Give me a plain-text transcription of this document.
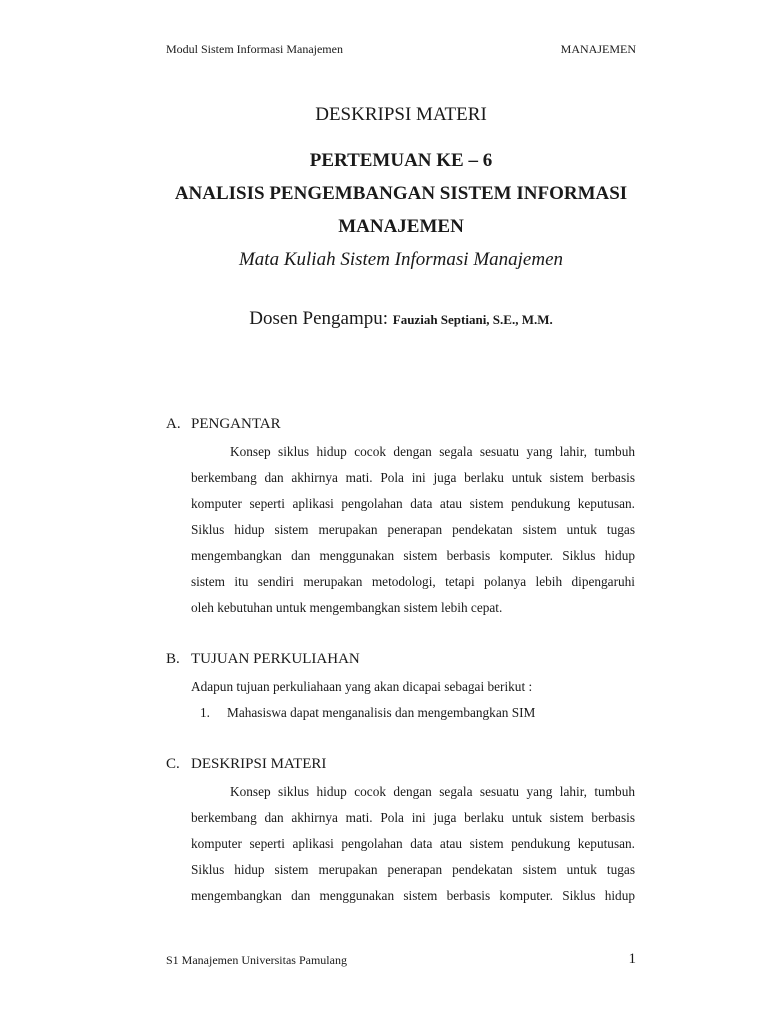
Modul Sistem Informasi Manajemen	MANAJEMEN
DESKRIPSI MATERI
PERTEMUAN KE – 6
ANALISIS PENGEMBANGAN SISTEM INFORMASI
MANAJEMEN
Mata Kuliah Sistem Informasi Manajemen
Dosen Pengampu: Fauziah Septiani, S.E., M.M.
A. PENGANTAR
Konsep siklus hidup cocok dengan segala sesuatu yang lahir, tumbuh
berkembang dan akhirnya mati. Pola ini juga berlaku untuk sistem berbasis
komputer seperti aplikasi pengolahan data atau sistem pendukung keputusan.
Siklus hidup sistem merupakan penerapan pendekatan sistem untuk tugas
mengembangkan dan menggunakan sistem berbasis komputer. Siklus hidup
sistem itu sendiri merupakan metodologi, tetapi polanya lebih dipengaruhi
oleh kebutuhan untuk mengembangkan sistem lebih cepat.
B. TUJUAN PERKULIAHAN
Adapun tujuan perkuliahaan yang akan dicapai sebagai berikut :
1. Mahasiswa dapat menganalisis dan mengembangkan SIM
C. DESKRIPSI MATERI
Konsep siklus hidup cocok dengan segala sesuatu yang lahir, tumbuh
berkembang dan akhirnya mati. Pola ini juga berlaku untuk sistem berbasis
komputer seperti aplikasi pengolahan data atau sistem pendukung keputusan.
Siklus hidup sistem merupakan penerapan pendekatan sistem untuk tugas
mengembangkan dan menggunakan sistem berbasis komputer. Siklus hidup
S1 Manajemen Universitas Pamulang	1
